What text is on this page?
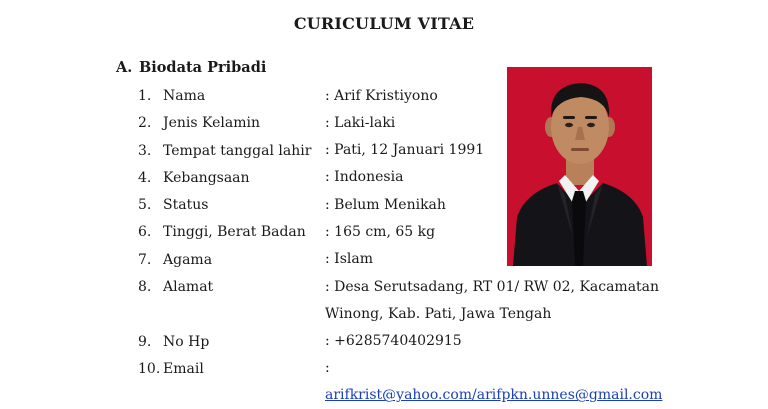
CURICULUM VITAE
A. Biodata Pribadi
1. Nama	: Arif Kristiyono
2. Jenis Kelamin	: Laki-laki
3. Tempat tanggal lahir : Pati, 12 Januari 1991
4. Kebangsaan	: Indonesia
5. Status	: Belum Menikah
6. Tinggi, Berat Badan : 165 cm, 65 kg
7. Agama	: Islam
8. Alamat	: Desa Serutsadang, RT 01/ RW 02, Kacamatan
Winong, Kab. Pati, Jawa Tengah
9. No Hp	: +6285740402915
10. Email	: arifkrist@yahoo.com/arifpkn.unnes@gmail.com
